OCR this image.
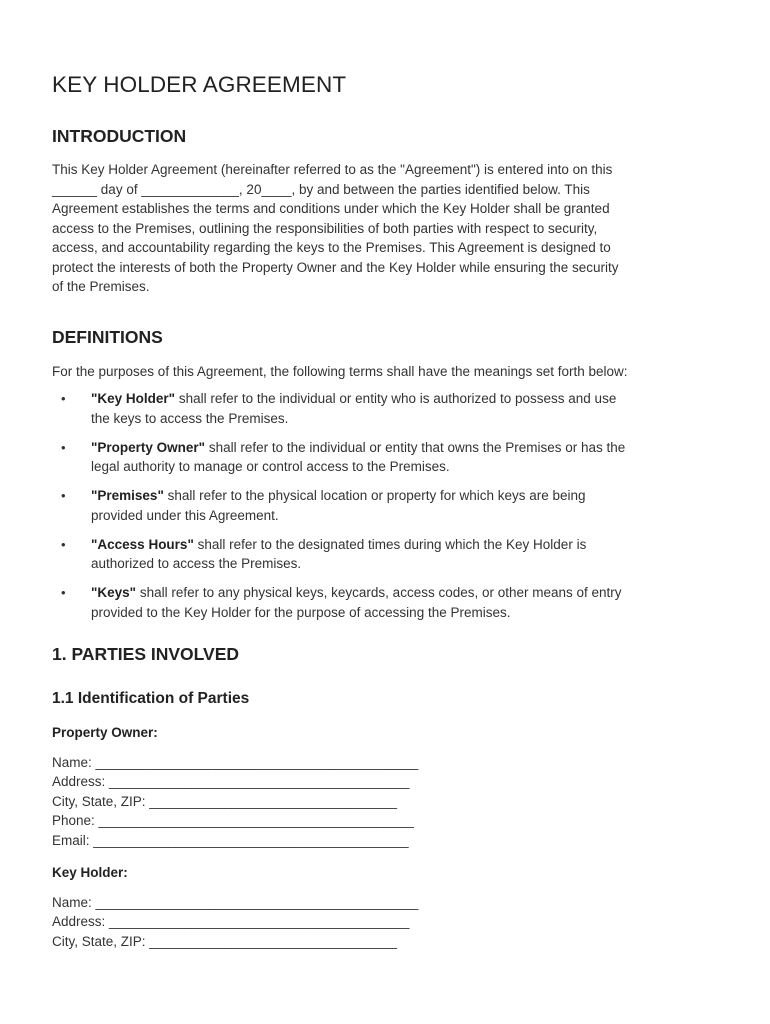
KEY HOLDER AGREEMENT
INTRODUCTION

This Key Holder Agreement (hereinafter referred to as the "Agreement") is entered into on this
______ day of _____________, 20____, by and between the parties identified below. This
Agreement establishes the terms and conditions under which the Key Holder shall be granted
access to the Premises, outlining the responsibilities of both parties with respect to security,
access, and accountability regarding the keys to the Premises. This Agreement is designed to
protect the interests of both the Property Owner and the Key Holder while ensuring the security
of the Premises.

DEFINITIONS

For the purposes of this Agreement, the following terms shall have the meanings set forth below:

• "Key Holder" shall refer to the individual or entity who is authorized to possess and use
the keys to access the Premises.
• "Property Owner" shall refer to the individual or entity that owns the Premises or has the
legal authority to manage or control access to the Premises.
• "Premises" shall refer to the physical location or property for which keys are being
provided under this Agreement.
• "Access Hours" shall refer to the designated times during which the Key Holder is
authorized to access the Premises.
• "Keys" shall refer to any physical keys, keycards, access codes, or other means of entry
provided to the Key Holder for the purpose of accessing the Premises.
1. PARTIES INVOLVED
1.1 Identification of Parties
Property Owner:

Name: ___________________________________________

Address: ________________________________________

City, State, ZIP: _________________________________

Phone: __________________________________________

Email: __________________________________________

Key Holder:

Name: ___________________________________________

Address: ________________________________________

City, State, ZIP: _________________________________
